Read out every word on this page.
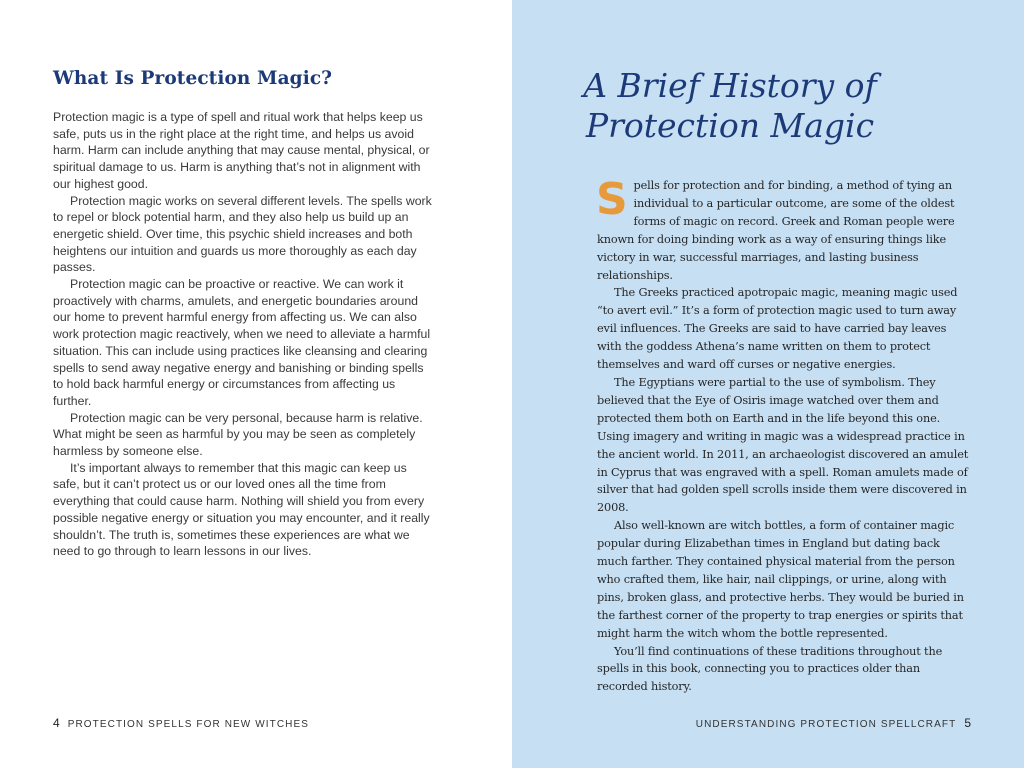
What Is Protection Magic?

Protection magic is a type of spell and ritual work that helps keep us safe, puts us in the right place at the right time, and helps us avoid harm. Harm can include anything that may cause mental, physical, or spiritual damage to us. Harm is anything that’s not in alignment with our highest good.

Protection magic works on several different levels. The spells work to repel or block potential harm, and they also help us build up an energetic shield. Over time, this psychic shield increases and both heightens our intuition and guards us more thoroughly as each day passes.

Protection magic can be proactive or reactive. We can work it proactively with charms, amulets, and energetic boundaries around our home to prevent harmful energy from affecting us. We can also work protection magic reactively, when we need to alleviate a harmful situation. This can include using practices like cleansing and clearing spells to send away negative energy and banishing or binding spells to hold back harmful energy or circumstances from affecting us further.

Protection magic can be very personal, because harm is relative. What might be seen as harmful by you may be seen as completely harmless by someone else.

It’s important always to remember that this magic can keep us safe, but it can’t protect us or our loved ones all the time from everything that could cause harm. Nothing will shield you from every possible negative energy or situation you may encounter, and it really shouldn’t. The truth is, sometimes these experiences are what we need to go through to learn lessons in our lives.

4 PROTECTION SPELLS FOR NEW WITCHES
A Brief History of
Protection Magic

Spells for protection and for binding, a method of tying an individual to a particular outcome, are some of the oldest forms of magic on record. Greek and Roman people were known for doing binding work as a way of ensuring things like victory in war, successful marriages, and lasting business relationships.

The Greeks practiced apotropaic magic, meaning magic used “to avert evil.” It’s a form of protection magic used to turn away evil influences. The Greeks are said to have carried bay leaves with the goddess Athena’s name written on them to protect themselves and ward off curses or negative energies.

The Egyptians were partial to the use of symbolism. They believed that the Eye of Osiris image watched over them and protected them both on Earth and in the life beyond this one. Using imagery and writing in magic was a widespread practice in the ancient world. In 2011, an archaeologist discovered an amulet in Cyprus that was engraved with a spell. Roman amulets made of silver that had golden spell scrolls inside them were discovered in 2008.

Also well-known are witch bottles, a form of container magic popular during Elizabethan times in England but dating back much farther. They contained physical material from the person who crafted them, like hair, nail clippings, or urine, along with pins, broken glass, and protective herbs. They would be buried in the farthest corner of the property to trap energies or spirits that might harm the witch whom the bottle represented.

You’ll find continuations of these traditions throughout the spells in this book, connecting you to practices older than recorded history.

UNDERSTANDING PROTECTION SPELLCRAFT 5
